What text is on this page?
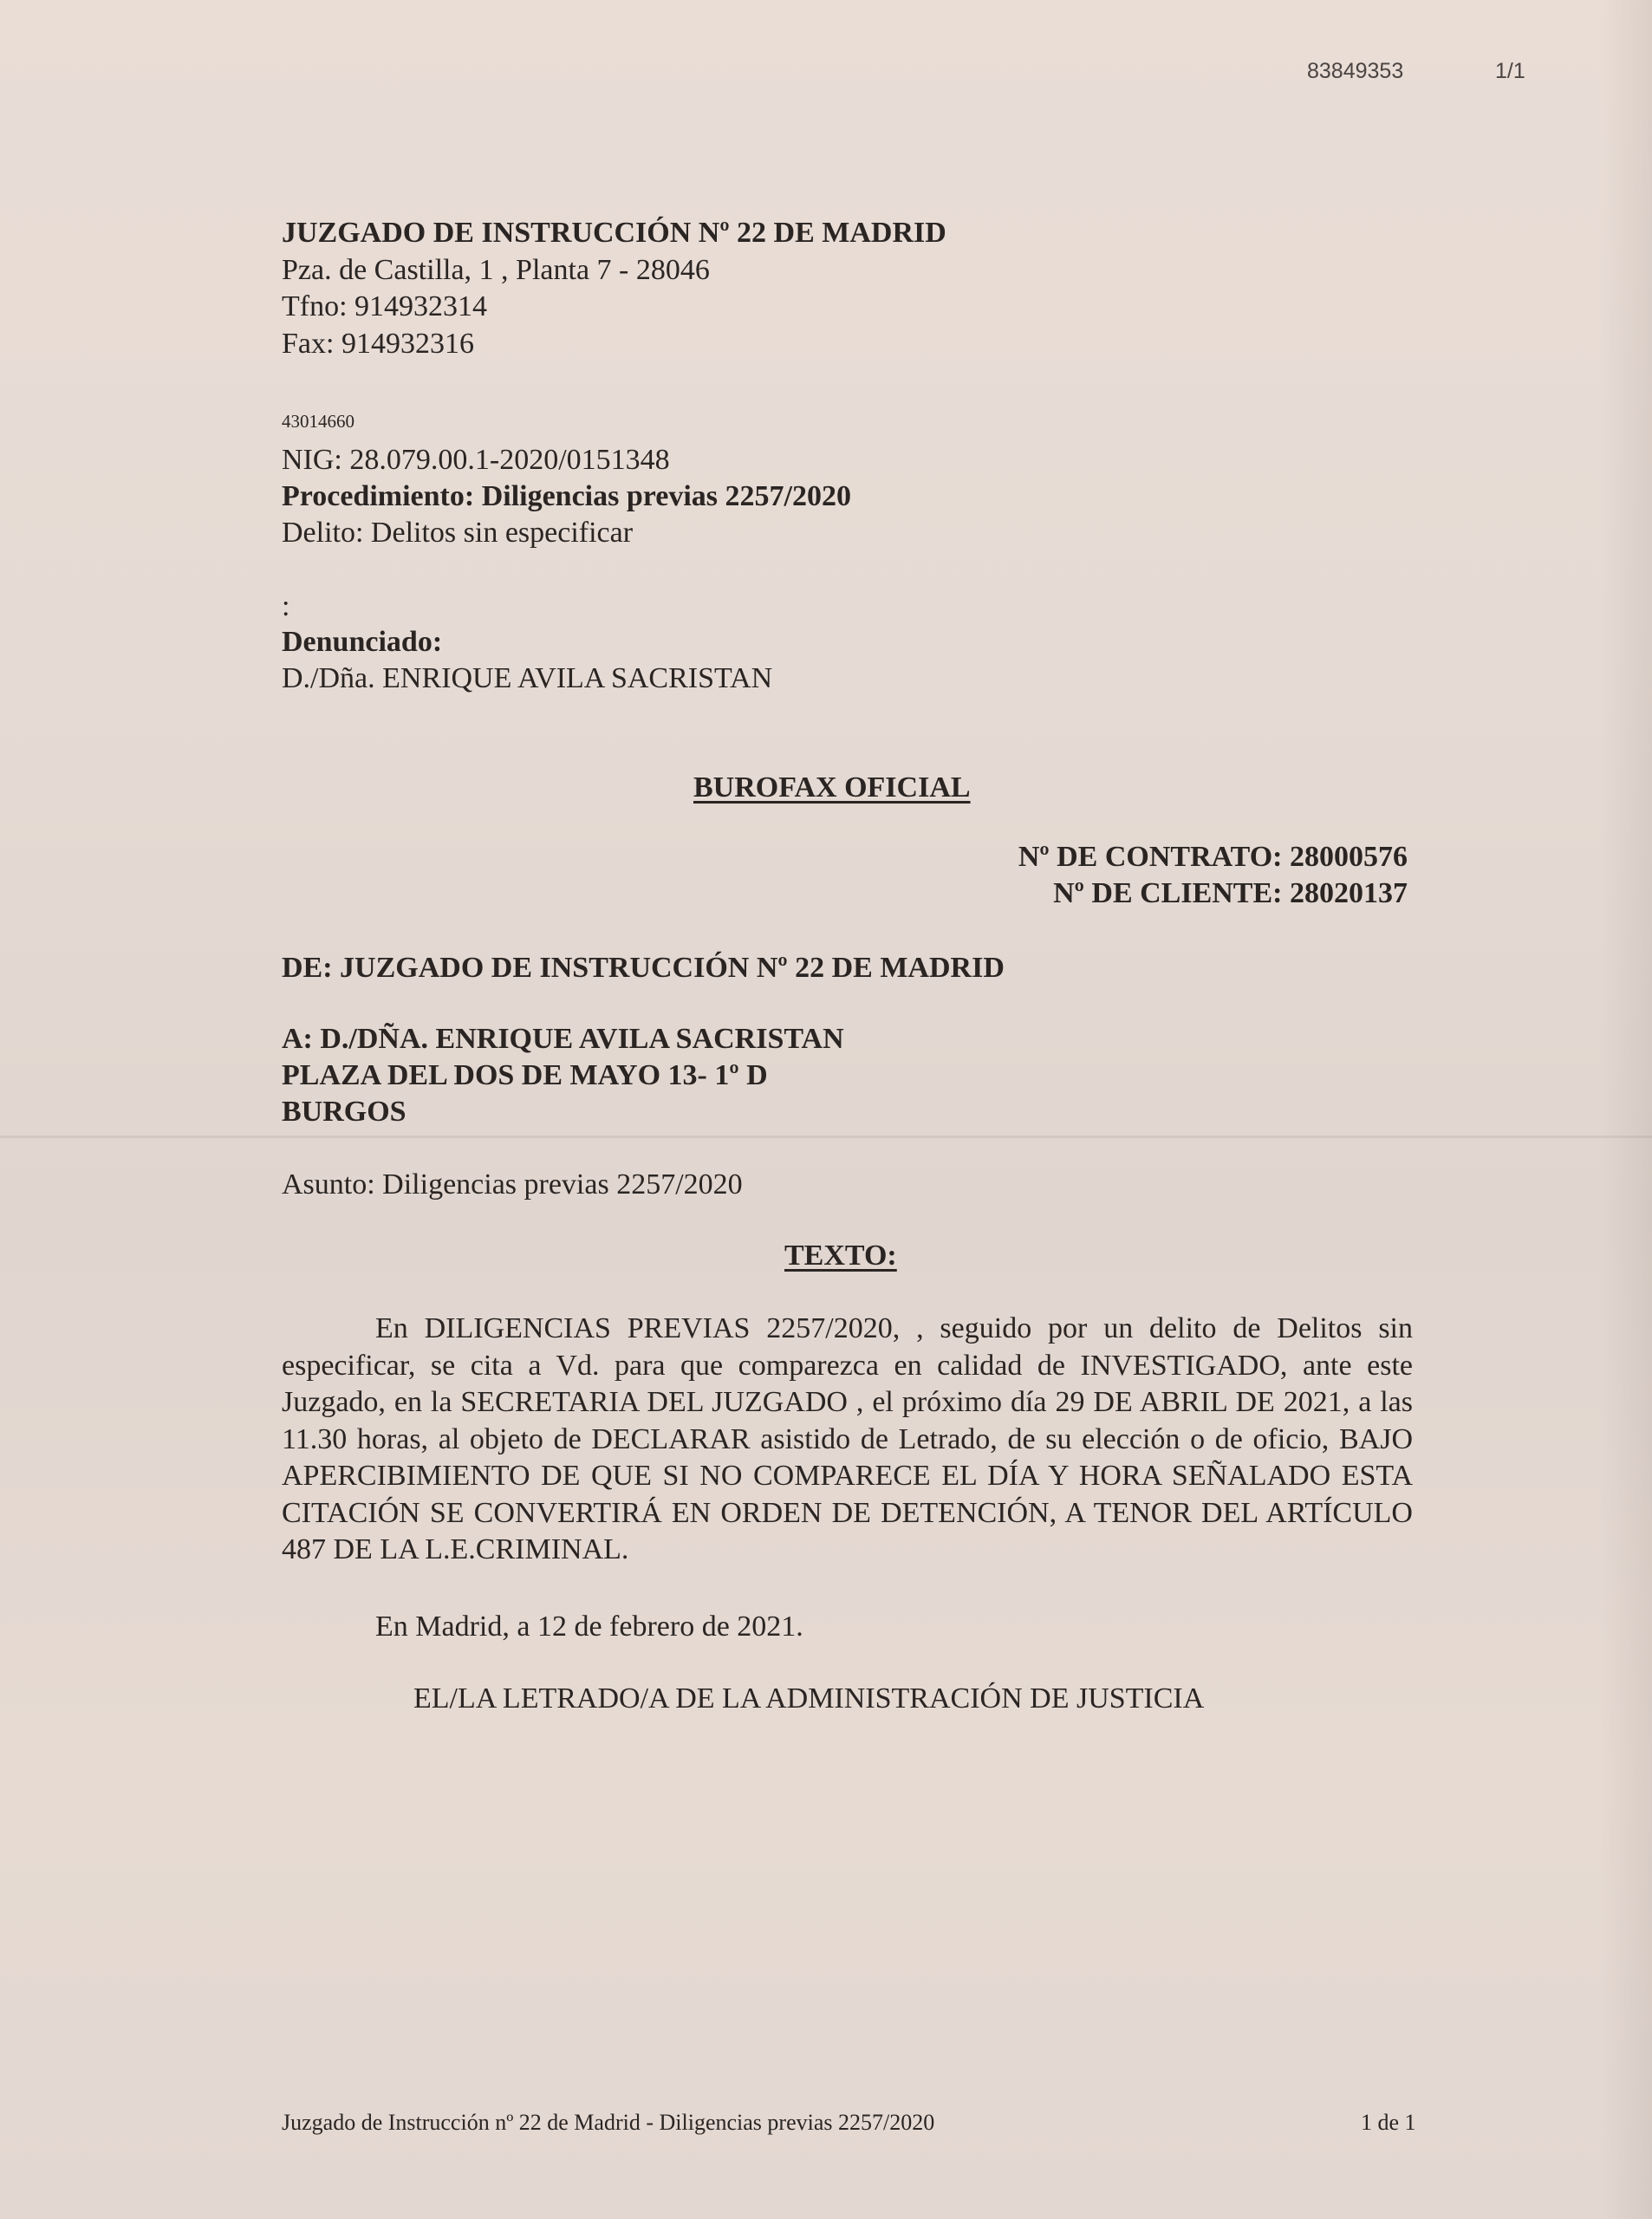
83849353	1/1
JUZGADO DE INSTRUCCIÓN Nº 22 DE MADRID
Pza. de Castilla, 1 , Planta 7 - 28046
Tfno: 914932314
Fax: 914932316
43014660
NIG: 28.079.00.1-2020/0151348
Procedimiento: Diligencias previas 2257/2020
Delito: Delitos sin especificar
:
Denunciado:
D./Dña. ENRIQUE AVILA SACRISTAN
BUROFAX OFICIAL
Nº DE CONTRATO: 28000576
Nº DE CLIENTE: 28020137
DE: JUZGADO DE INSTRUCCIÓN Nº 22 DE MADRID
A: D./DÑA. ENRIQUE AVILA SACRISTAN
PLAZA DEL DOS DE MAYO 13- 1º D
BURGOS
Asunto: Diligencias previas 2257/2020
TEXTO:
En DILIGENCIAS PREVIAS 2257/2020, , seguido por un delito de Delitos sin especificar, se cita a Vd. para que comparezca en calidad de INVESTIGADO, ante este Juzgado, en la SECRETARIA DEL JUZGADO , el próximo día 29 DE ABRIL DE 2021, a las 11.30 horas, al objeto de DECLARAR asistido de Letrado, de su elección o de oficio, BAJO APERCIBIMIENTO DE QUE SI NO COMPARECE EL DÍA Y HORA SEÑALADO ESTA CITACIÓN SE CONVERTIRÁ EN ORDEN DE DETENCIÓN, A TENOR DEL ARTÍCULO 487 DE LA L.E.CRIMINAL.
En Madrid, a 12 de febrero de 2021.
EL/LA LETRADO/A DE LA ADMINISTRACIÓN DE JUSTICIA
Juzgado de Instrucción nº 22 de Madrid - Diligencias previas 2257/2020	1 de 1
